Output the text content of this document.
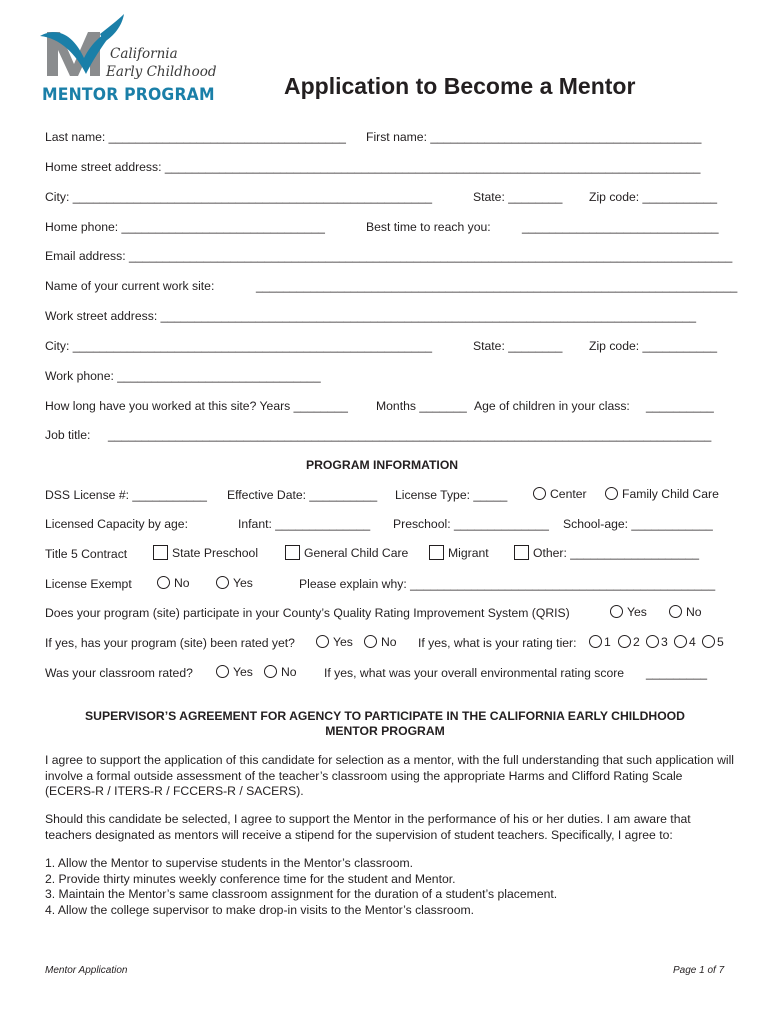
California
Early Childhood
MENTOR PROGRAM	Application to Become a Mentor
Last name: ___________________________________ First name: ________________________________________
Home street address: _______________________________________________________________________________
City: _____________________________________________________	State: ________ Zip code: ___________
Home phone: ______________________________	Best time to reach you:	_____________________________
Email address: _________________________________________________________________________________________
Name of your current work site:	_______________________________________________________________________
Work street address: _______________________________________________________________________________
City: _____________________________________________________	State: ________ Zip code: ___________
Work phone: ______________________________
How long have you worked at this site? Years ________ Months _______ Age of children in your class: __________
Job title: _________________________________________________________________________________________
PROGRAM INFORMATION
DSS License #: ___________ Effective Date: __________ License Type: _____	Center	Family Child Care
Licensed Capacity by age:	Infant: ______________ Preschool: ______________ School-age: ____________
Title 5 Contract	State Preschool	General Child Care	Migrant	Other: ___________________
License Exempt	No	Yes	Please explain why: _____________________________________________
Does your program (site) participate in your County’s Quality Rating Improvement System (QRIS)	Yes	No
If yes, has your program (site) been rated yet?	Yes	No If yes, what is your rating tier:	1	2	3	4	5
Was your classroom rated?	Yes	No If yes, what was your overall environmental rating score _________
SUPERVISOR’S AGREEMENT FOR AGENCY TO PARTICIPATE IN THE CALIFORNIA EARLY CHILDHOOD
MENTOR PROGRAM
I agree to support the application of this candidate for selection as a mentor, with the full understanding that such application will involve a formal outside assessment of the teacher’s classroom using the appropriate Harms and Clifford Rating Scale (ECERS-R / ITERS-R / FCCERS-R / SACERS).
Should this candidate be selected, I agree to support the Mentor in the performance of his or her duties. I am aware that teachers designated as mentors will receive a stipend for the supervision of student teachers. Specifically, I agree to:
1. Allow the Mentor to supervise students in the Mentor’s classroom.
2. Provide thirty minutes weekly conference time for the student and Mentor.
3. Maintain the Mentor’s same classroom assignment for the duration of a student’s placement.
4. Allow the college supervisor to make drop-in visits to the Mentor’s classroom.
Mentor Application	Page 1 of 7
